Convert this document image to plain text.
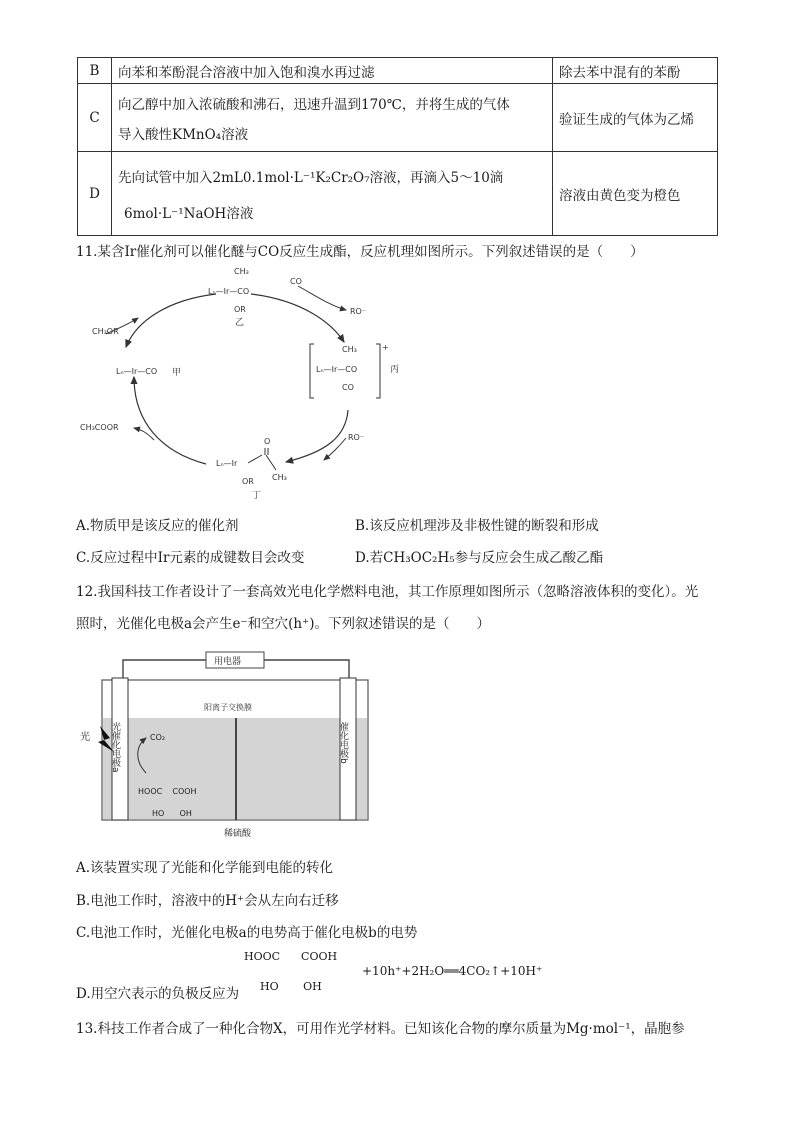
B	向苯和苯酚混合溶液中加入饱和溴水再过滤	除去苯中混有的苯酚
C	向乙醇中加入浓硫酸和沸石，迅速升温到170℃，并将生成的气体
导入酸性KMnO₄溶液	验证生成的气体为乙烯
D	先向试管中加入2mL0.1mol·L⁻¹K₂Cr₂O₇溶液，再滴入5～10滴
6mol·L⁻¹NaOH溶液	溶液由黄色变为橙色
11.某含Ir催化剂可以催化醚与CO反应生成酯，反应机理如图所示。下列叙述错误的是（　　）
CH₃
Lₙ—Ir—CO
OR
乙
Lₙ—Ir—CO 甲
CH₃
Lₙ—Ir—CO
CO
+
丙
O
Lₙ—Ir
CH₃
OR
丁
CO
RO⁻
RO⁻
CH₃OR
CH₃COOR
A.物质甲是该反应的催化剂	B.该反应机理涉及非极性键的断裂和形成
C.反应过程中Ir元素的成键数目会改变	D.若CH₃OC₂H₅参与反应会生成乙酸乙酯
12.我国科技工作者设计了一套高效光电化学燃料电池，其工作原理如图所示（忽略溶液体积的变化）。光
照时，光催化电极a会产生e⁻和空穴(h⁺)。下列叙述错误的是（　　）
用电器
阳离子交换膜
光催化电极a	催化电极b
光	CO₂
HOOC    COOH
HO      OH
稀硫酸
A.该装置实现了光能和化学能到电能的转化
B.电池工作时，溶液中的H⁺会从左向右迁移
C.电池工作时，光催化电极a的电势高于催化电极b的电势
D.用空穴表示的负极反应为
HOOC      COOH
HO       OH
+10h⁺+2H₂O══4CO₂↑+10H⁺
13.科技工作者合成了一种化合物X，可用作光学材料。已知该化合物的摩尔质量为Mg·mol⁻¹，晶胞参
